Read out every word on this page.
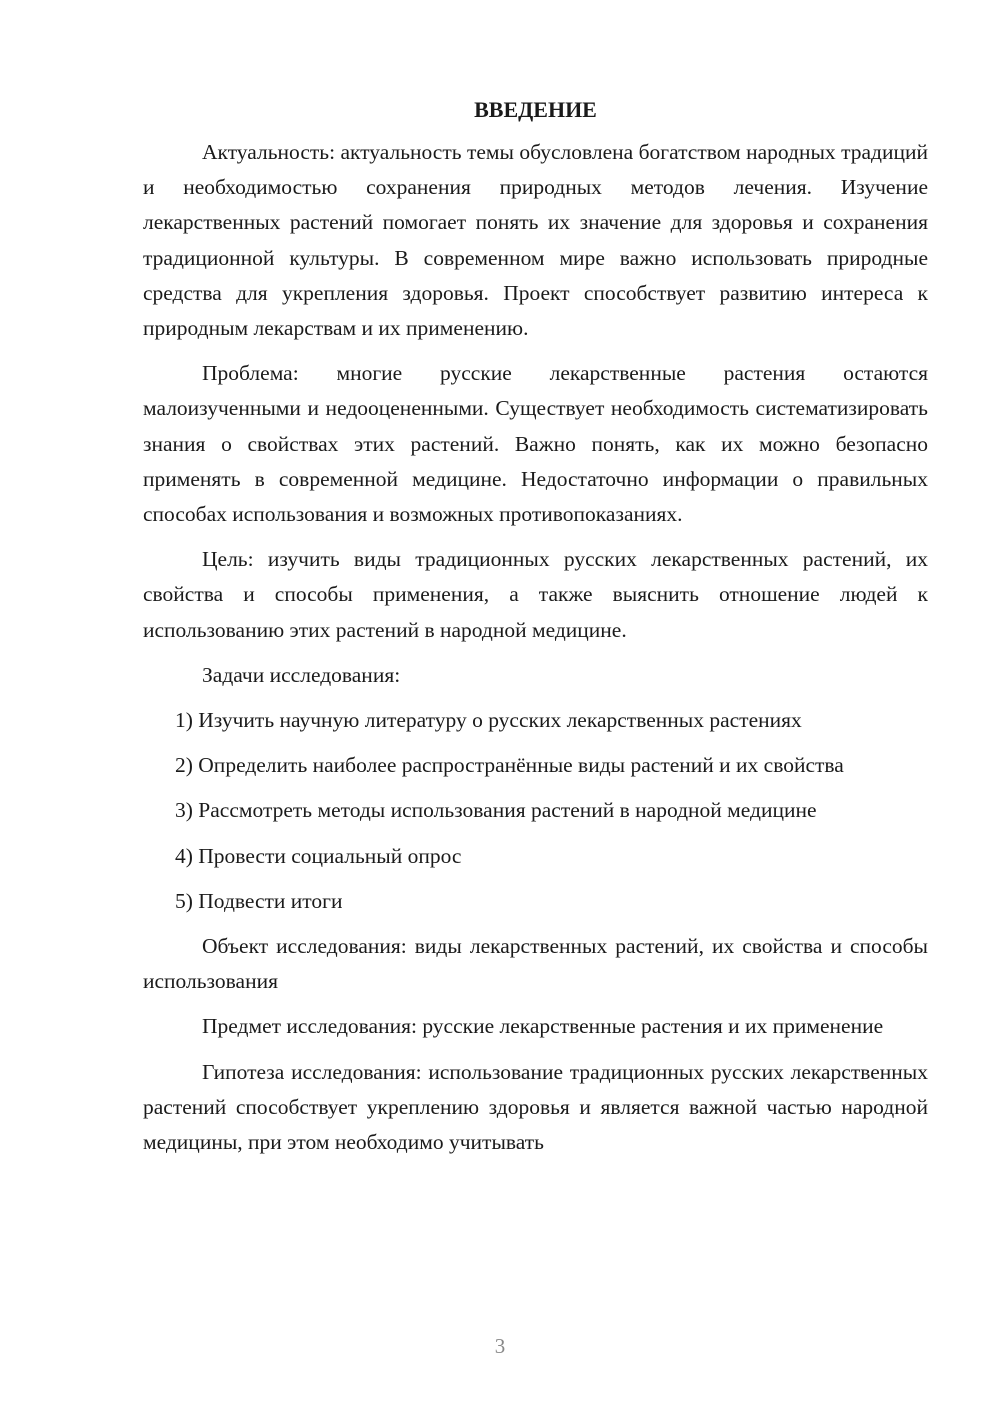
ВВЕДЕНИЕ

Актуальность: актуальность темы обусловлена богатством народных традиций и необходимостью сохранения природных методов лечения. Изучение лекарственных растений помогает понять их значение для здоровья и сохранения традиционной культуры. В современном мире важно использовать природные средства для укрепления здоровья. Проект способствует развитию интереса к природным лекарствам и их применению.

Проблема: многие русские лекарственные растения остаются малоизученными и недооцененными. Существует необходимость систематизировать знания о свойствах этих растений. Важно понять, как их можно безопасно применять в современной медицине. Недостаточно информации о правильных способах использования и возможных противопоказаниях.

Цель: изучить виды традиционных русских лекарственных растений, их свойства и способы применения, а также выяснить отношение людей к использованию этих растений в народной медицине.

Задачи исследования:

1) Изучить научную литературу о русских лекарственных растениях

2) Определить наиболее распространённые виды растений и их свойства

3) Рассмотреть методы использования растений в народной медицине

4) Провести социальный опрос

5) Подвести итоги

Объект исследования: виды лекарственных растений, их свойства и способы использования

Предмет исследования: русские лекарственные растения и их применение

Гипотеза исследования: использование традиционных русских лекарственных растений способствует укреплению здоровья и является важной частью народной медицины, при этом необходимо учитывать

3
